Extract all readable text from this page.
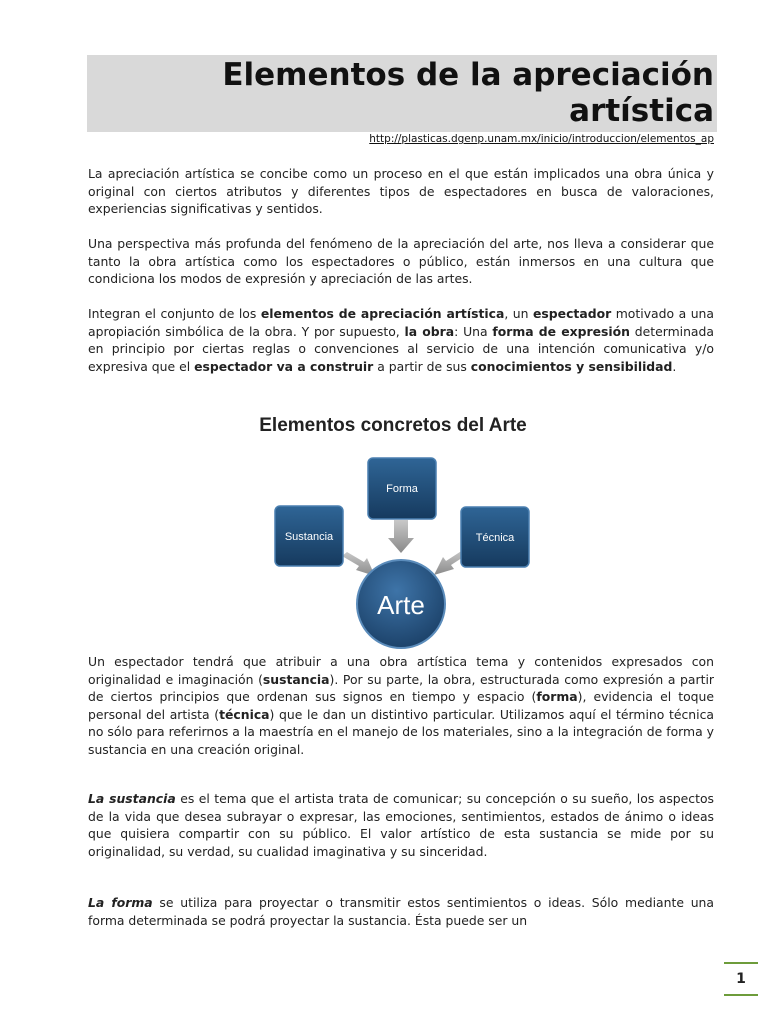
Elementos de la apreciación
artística
http://plasticas.dgenp.unam.mx/inicio/introduccion/elementos_ap

La apreciación artística se concibe como un proceso en el que están implicados una obra única y original con ciertos atributos y diferentes tipos de espectadores en busca de valoraciones, experiencias significativas y sentidos.

Una perspectiva más profunda del fenómeno de la apreciación del arte, nos lleva a considerar que tanto la obra artística como los espectadores o público, están inmersos en una cultura que condiciona los modos de expresión y apreciación de las artes.

Integran el conjunto de los elementos de apreciación artística, un espectador motivado a una apropiación simbólica de la obra. Y por supuesto, la obra: Una forma de expresión determinada en principio por ciertas reglas o convenciones al servicio de una intención comunicativa y/o expresiva que el espectador va a construir a partir de sus conocimientos y sensibilidad.

Elementos concretos del Arte
Forma
Sustancia	Técnica
Arte

Un espectador tendrá que atribuir a una obra artística tema y contenidos expresados con originalidad e imaginación (sustancia). Por su parte, la obra, estructurada como expresión a partir de ciertos principios que ordenan sus signos en tiempo y espacio (forma), evidencia el toque personal del artista (técnica) que le dan un distintivo particular. Utilizamos aquí el término técnica no sólo para referirnos a la maestría en el manejo de los materiales, sino a la integración de forma y sustancia en una creación original.

La sustancia es el tema que el artista trata de comunicar; su concepción o su sueño, los aspectos de la vida que desea subrayar o expresar, las emociones, sentimientos, estados de ánimo o ideas que quisiera compartir con su público. El valor artístico de esta sustancia se mide por su originalidad, su verdad, su cualidad imaginativa y su sinceridad.

La forma se utiliza para proyectar o transmitir estos sentimientos o ideas. Sólo mediante una forma determinada se podrá proyectar la sustancia. Ésta puede ser un

1
